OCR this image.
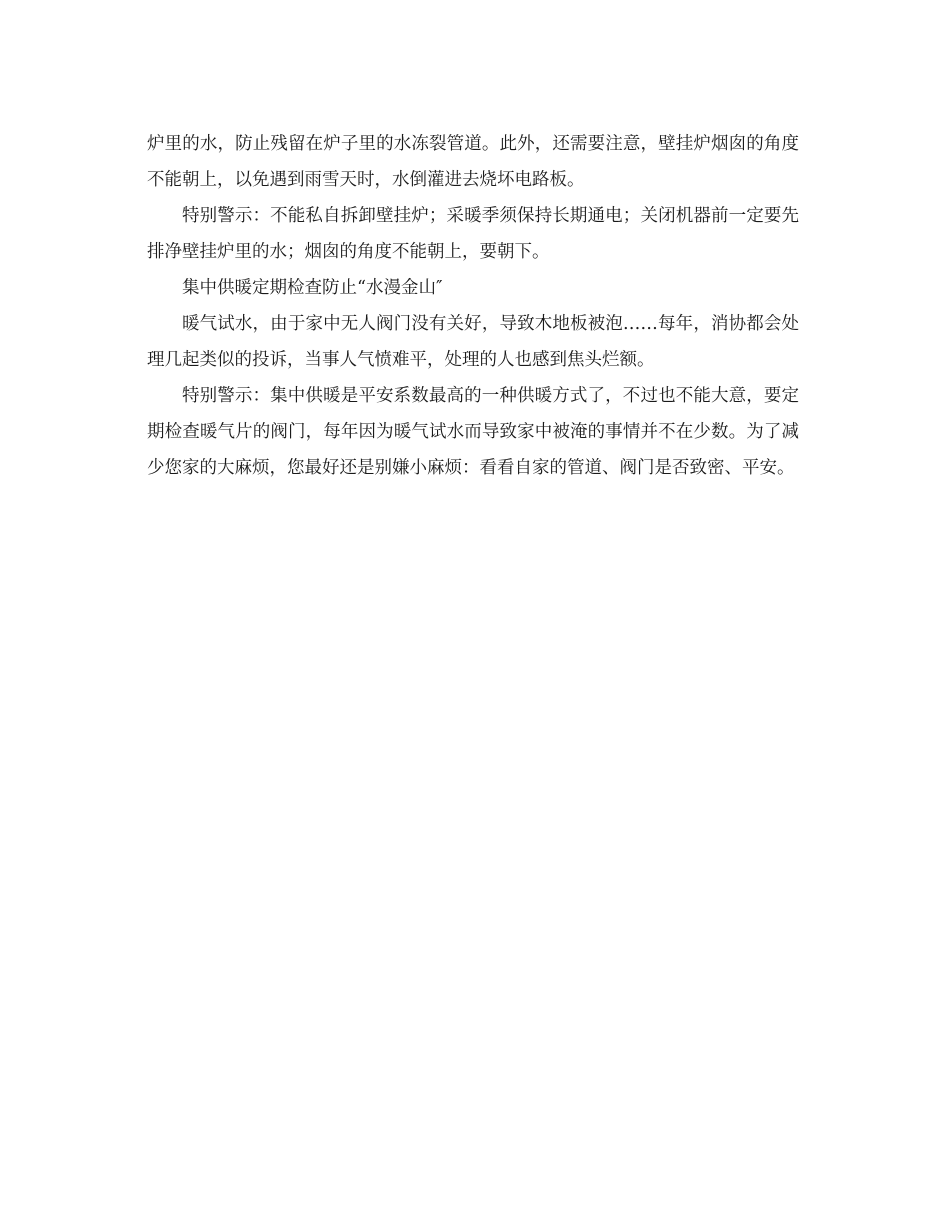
炉里的水，防止残留在炉子里的水冻裂管道。此外，还需要注意，壁挂炉烟囱的角度不能朝上，以免遇到雨雪天时，水倒灌进去烧坏电路板。

特别警示：不能私自拆卸壁挂炉；采暖季须保持长期通电；关闭机器前一定要先排净壁挂炉里的水；烟囱的角度不能朝上，要朝下。

集中供暖定期检查防止“水漫金山″

暖气试水，由于家中无人阀门没有关好，导致木地板被泡……每年，消协都会处理几起类似的投诉，当事人气愤难平，处理的人也感到焦头烂额。

特别警示：集中供暖是平安系数最高的一种供暖方式了，不过也不能大意，要定期检查暖气片的阀门，每年因为暖气试水而导致家中被淹的事情并不在少数。为了减少您家的大麻烦，您最好还是别嫌小麻烦：看看自家的管道、阀门是否致密、平安。
